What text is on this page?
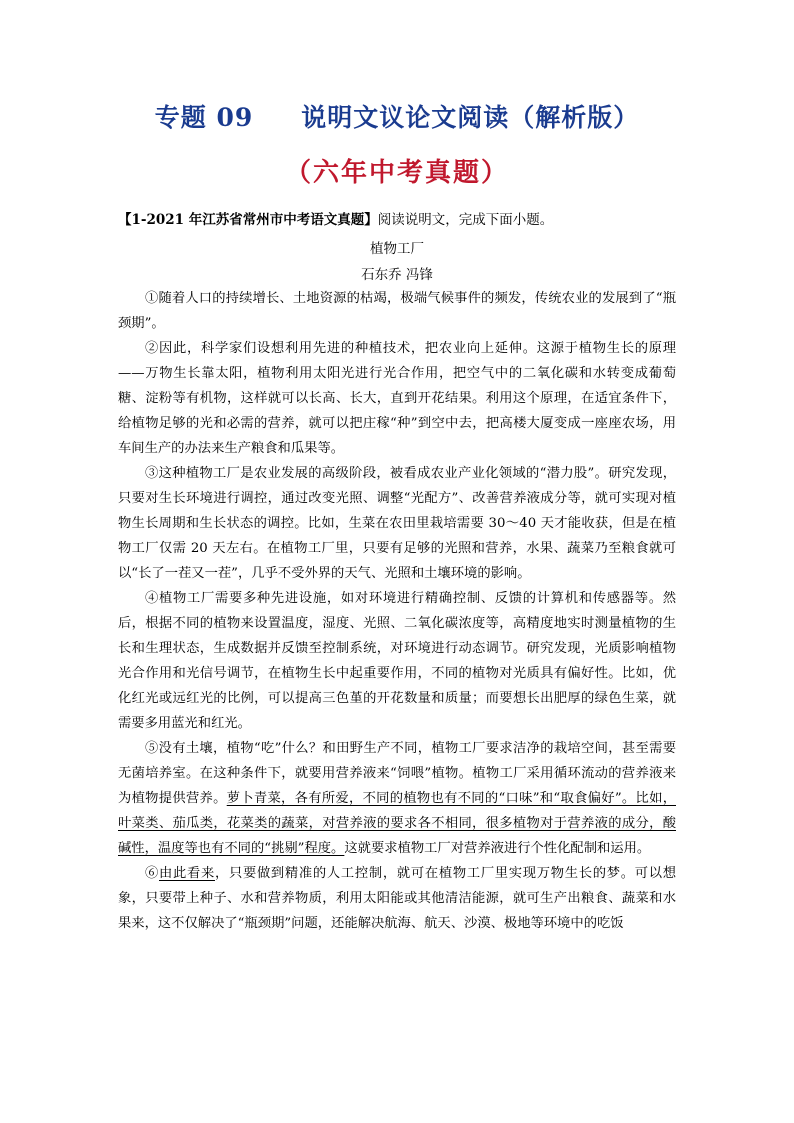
专题 09 说明文议论文阅读（解析版）
（六年中考真题）
【1-2021 年江苏省常州市中考语文真题】阅读说明文，完成下面小题。
植物工厂
石东乔 冯锋

①随着人口的持续增长、土地资源的枯竭，极端气候事件的频发，传统农业的发展到了“瓶颈期”。

②因此，科学家们设想利用先进的种植技术，把农业向上延伸。这源于植物生长的原理——万物生长靠太阳，植物利用太阳光进行光合作用，把空气中的二氧化碳和水转变成葡萄糖、淀粉等有机物，这样就可以长高、长大，直到开花结果。利用这个原理，在适宜条件下，给植物足够的光和必需的营养，就可以把庄稼“种”到空中去，把高楼大厦变成一座座农场，用车间生产的办法来生产粮食和瓜果等。

③这种植物工厂是农业发展的高级阶段，被看成农业产业化领域的“潜力股”。研究发现，只要对生长环境进行调控，通过改变光照、调整“光配方”、改善营养液成分等，就可实现对植物生长周期和生长状态的调控。比如，生菜在农田里栽培需要 30～40 天才能收获，但是在植物工厂仅需 20 天左右。在植物工厂里，只要有足够的光照和营养，水果、蔬菜乃至粮食就可以“长了一茬又一茬”，几乎不受外界的天气、光照和土壤环境的影响。

④植物工厂需要多种先进设施，如对环境进行精确控制、反馈的计算机和传感器等。然后，根据不同的植物来设置温度，湿度、光照、二氧化碳浓度等，高精度地实时测量植物的生长和生理状态，生成数据并反馈至控制系统，对环境进行动态调节。研究发现，光质影响植物光合作用和光信号调节，在植物生长中起重要作用，不同的植物对光质具有偏好性。比如，优化红光或远红光的比例，可以提高三色堇的开花数量和质量；而要想长出肥厚的绿色生菜，就需要多用蓝光和红光。

⑤没有土壤，植物“吃”什么？和田野生产不同，植物工厂要求洁净的栽培空间，甚至需要无菌培养室。在这种条件下，就要用营养液来“饲喂”植物。植物工厂采用循环流动的营养液来为植物提供营养。萝卜青菜，各有所爱，不同的植物也有不同的“口味”和“取食偏好”。比如，叶菜类、茄瓜类，花菜类的蔬菜，对营养液的要求各不相同，很多植物对于营养液的成分，酸碱性，温度等也有不同的“挑剔”程度。这就要求植物工厂对营养液进行个性化配制和运用。

⑥由此看来，只要做到精准的人工控制，就可在植物工厂里实现万物生长的梦。可以想象，只要带上种子、水和营养物质，利用太阳能或其他清洁能源，就可生产出粮食、蔬菜和水果来，这不仅解决了“瓶颈期”问题，还能解决航海、航天、沙漠、极地等环境中的吃饭
